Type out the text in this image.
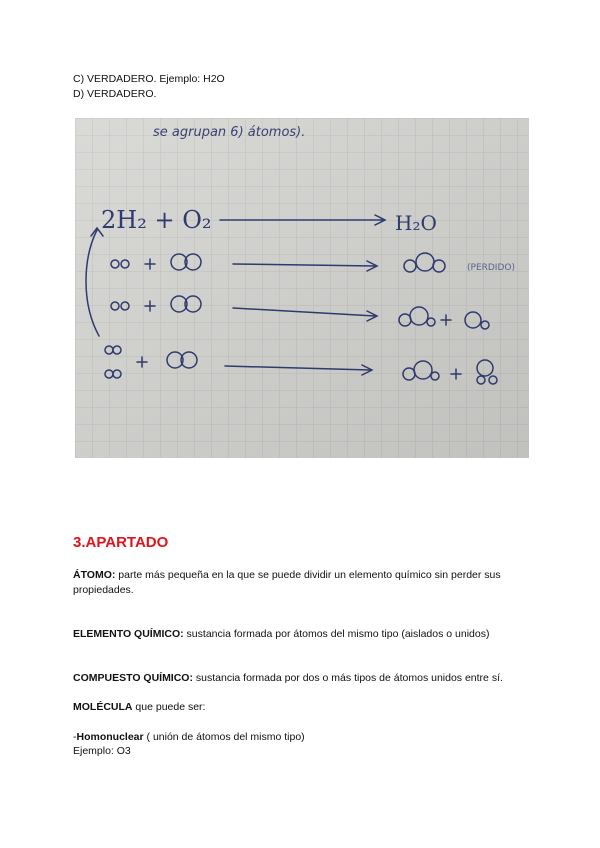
C) VERDADERO. Ejemplo: H2O
D) VERDADERO.
se agrupan 6) átomos).
2H₂ + O₂	H₂O
(PERDIDO)
3.APARTADO
ÁTOMO: parte más pequeña en la que se puede dividir un elemento químico sin perder sus propiedades.
ELEMENTO QUÍMICO: sustancia formada por átomos del mismo tipo (aislados o unidos)
COMPUESTO QUÍMICO: sustancia formada por dos o más tipos de átomos unidos entre sí.
MOLÉCULA que puede ser:
-Homonuclear ( unión de átomos del mismo tipo)
Ejemplo: O3
